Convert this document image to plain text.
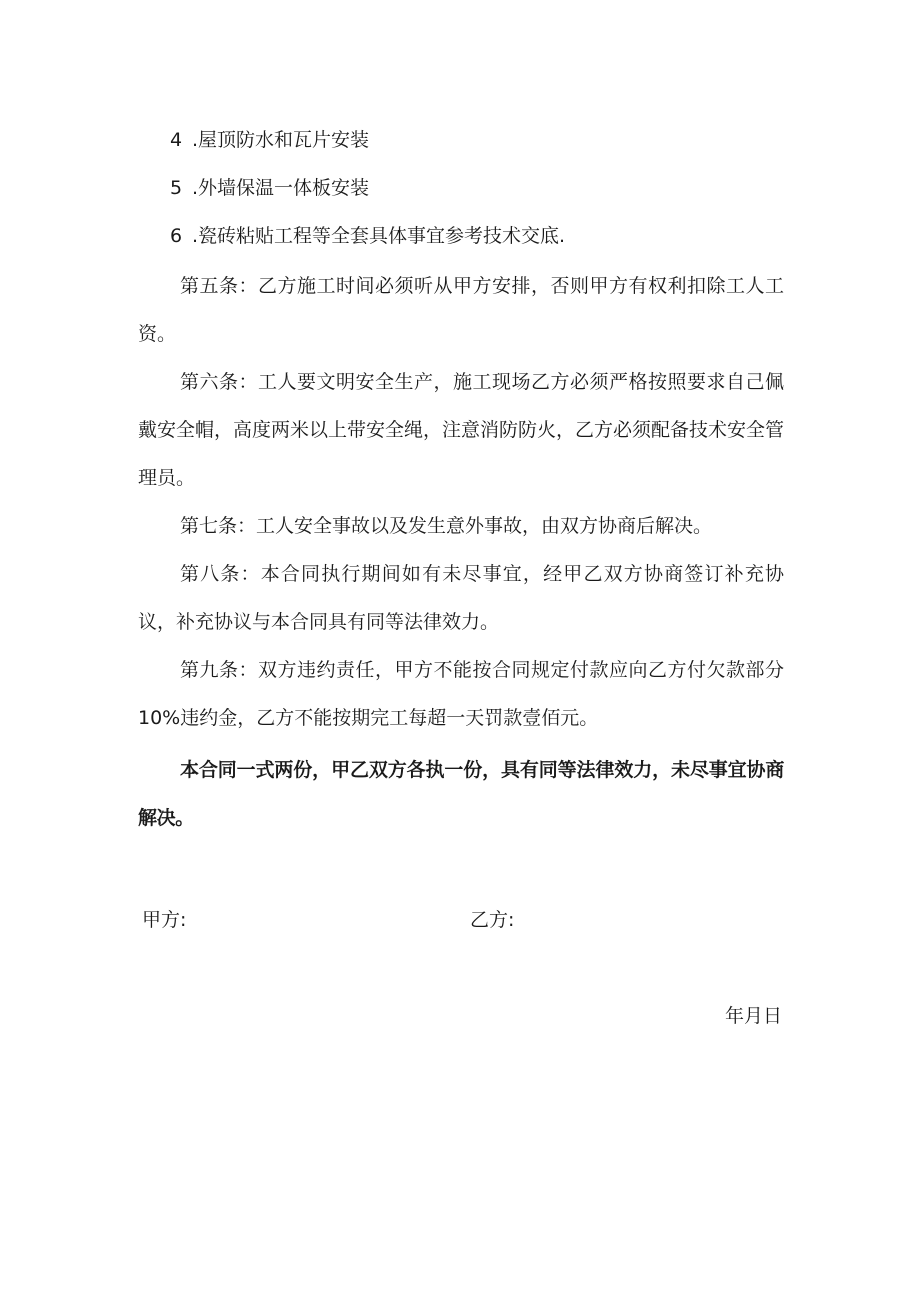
4 .屋顶防水和瓦片安装
5 .外墙保温一体板安装
6 .瓷砖粘贴工程等全套具体事宜参考技术交底.
第五条：乙方施工时间必须听从甲方安排，否则甲方有权利扣除工人工资。
第六条：工人要文明安全生产，施工现场乙方必须严格按照要求自己佩戴安全帽，高度两米以上带安全绳，注意消防防火，乙方必须配备技术安全管理员。
第七条：工人安全事故以及发生意外事故，由双方协商后解决。
第八条：本合同执行期间如有未尽事宜，经甲乙双方协商签订补充协议，补充协议与本合同具有同等法律效力。
第九条：双方违约责任，甲方不能按合同规定付款应向乙方付欠款部分10%违约金，乙方不能按期完工每超一天罚款壹佰元。
本合同一式两份，甲乙双方各执一份，具有同等法律效力，未尽事宜协商解决。
甲方:	乙方:
年月日
